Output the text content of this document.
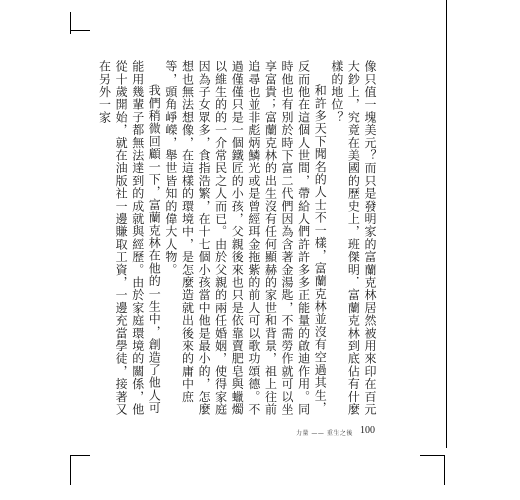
像只值一塊美元？而只是發明家的富蘭克林居然被用來印在百元大鈔上，究竟在美國的歷史上，班傑明．富蘭克林到底佔有什麼樣的地位？

和許多天下聞名的人士不一樣，富蘭克林並沒有空過其生，反而他在這個人世間，帶給人們許許多多正能量的啟迪作用。同時他也有別於時下富二代們因為含著金湯匙，不需勞作就可以坐享富貴；富蘭克林的出生沒有任何顯赫的家世和背景，祖上往前追尋也並非彪炳鱗光或是曾經珥金拖紫的前人可以歌功頌德。不過僅僅只是一個鐵匠的小孩，父親後來也只是依靠賣肥皂與蠟燭以維生的的一介常民之人而已。由於父親的兩任婚姻，使得家庭因為子女眾多，食指浩繁，在十七個小孩當中他是最小的，怎麼想也無法想像，在這樣的環境中，是怎麼造就出後來的庸中庶等，頭角崢嶸，舉世皆知的偉大人物。

我們稍微回顧一下，富蘭克林在他的一生中，創造了他人可能用幾輩子都無法達到的成就與經歷。由於家庭環境的關係，他從十歲開始，就在油版社一邊賺取工資，一邊充當學徒，接著又在另外一家

力量 —— 重生之後 100
